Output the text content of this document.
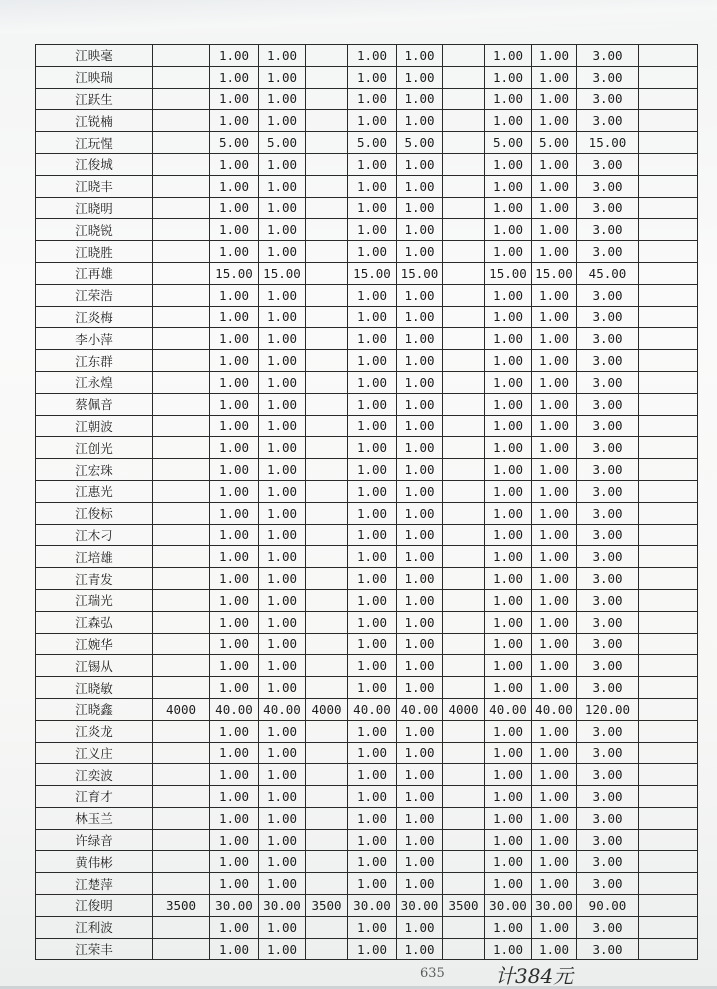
江映毫		1.00	1.00		1.00	1.00		1.00	1.00	3.00	
江映瑞		1.00	1.00		1.00	1.00		1.00	1.00	3.00	
江跃生		1.00	1.00		1.00	1.00		1.00	1.00	3.00	
江锐楠		1.00	1.00		1.00	1.00		1.00	1.00	3.00	
江玩惺		5.00	5.00		5.00	5.00		5.00	5.00	15.00	
江俊城		1.00	1.00		1.00	1.00		1.00	1.00	3.00	
江晓丰		1.00	1.00		1.00	1.00		1.00	1.00	3.00	
江晓明		1.00	1.00		1.00	1.00		1.00	1.00	3.00	
江晓锐		1.00	1.00		1.00	1.00		1.00	1.00	3.00	
江晓胜		1.00	1.00		1.00	1.00		1.00	1.00	3.00	
江再雄		15.00	15.00		15.00	15.00		15.00	15.00	45.00	
江荣浩		1.00	1.00		1.00	1.00		1.00	1.00	3.00	
江炎梅		1.00	1.00		1.00	1.00		1.00	1.00	3.00	
李小萍		1.00	1.00		1.00	1.00		1.00	1.00	3.00	
江东群		1.00	1.00		1.00	1.00		1.00	1.00	3.00	
江永煌		1.00	1.00		1.00	1.00		1.00	1.00	3.00	
蔡佩音		1.00	1.00		1.00	1.00		1.00	1.00	3.00	
江朝波		1.00	1.00		1.00	1.00		1.00	1.00	3.00	
江创光		1.00	1.00		1.00	1.00		1.00	1.00	3.00	
江宏珠		1.00	1.00		1.00	1.00		1.00	1.00	3.00	
江惠光		1.00	1.00		1.00	1.00		1.00	1.00	3.00	
江俊标		1.00	1.00		1.00	1.00		1.00	1.00	3.00	
江木刁		1.00	1.00		1.00	1.00		1.00	1.00	3.00	
江培雄		1.00	1.00		1.00	1.00		1.00	1.00	3.00	
江青发		1.00	1.00		1.00	1.00		1.00	1.00	3.00	
江瑞光		1.00	1.00		1.00	1.00		1.00	1.00	3.00	
江森弘		1.00	1.00		1.00	1.00		1.00	1.00	3.00	
江婉华		1.00	1.00		1.00	1.00		1.00	1.00	3.00	
江锡从		1.00	1.00		1.00	1.00		1.00	1.00	3.00	
江晓敏		1.00	1.00		1.00	1.00		1.00	1.00	3.00	
江晓鑫	4000	40.00	40.00	4000	40.00	40.00	4000	40.00	40.00	120.00	
江炎龙		1.00	1.00		1.00	1.00		1.00	1.00	3.00	
江义庄		1.00	1.00		1.00	1.00		1.00	1.00	3.00	
江奕波		1.00	1.00		1.00	1.00		1.00	1.00	3.00	
江育才		1.00	1.00		1.00	1.00		1.00	1.00	3.00	
林玉兰		1.00	1.00		1.00	1.00		1.00	1.00	3.00	
许绿音		1.00	1.00		1.00	1.00		1.00	1.00	3.00	
黄伟彬		1.00	1.00		1.00	1.00		1.00	1.00	3.00	
江楚萍		1.00	1.00		1.00	1.00		1.00	1.00	3.00	
江俊明	3500	30.00	30.00	3500	30.00	30.00	3500	30.00	30.00	90.00	
江利波		1.00	1.00		1.00	1.00		1.00	1.00	3.00	
江荣丰		1.00	1.00		1.00	1.00		1.00	1.00	3.00	
635	计384元
